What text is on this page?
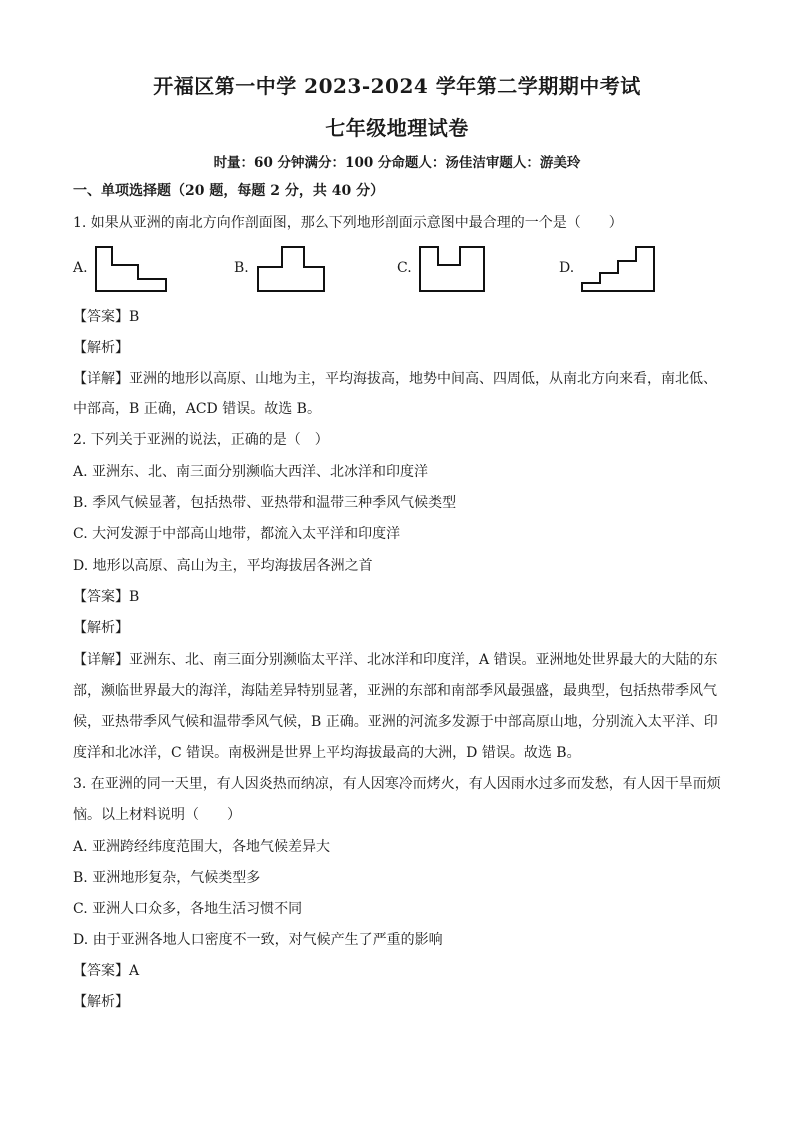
开福区第一中学 2023-2024 学年第二学期期中考试
七年级地理试卷
时量：60 分钟满分：100 分命题人：汤佳洁审题人：游美玲
一、单项选择题（20 题，每题 2 分，共 40 分）
1. 如果从亚洲的南北方向作剖面图，那么下列地形剖面示意图中最合理的一个是（　　）
A.	B.	C.	D.
【答案】B
【解析】
【详解】亚洲的地形以高原、山地为主，平均海拔高，地势中间高、四周低，从南北方向来看，南北低、
中部高，B 正确，ACD 错误。故选 B。
2. 下列关于亚洲的说法，正确的是（　）
A. 亚洲东、北、南三面分别濒临大西洋、北冰洋和印度洋
B. 季风气候显著，包括热带、亚热带和温带三种季风气候类型
C. 大河发源于中部高山地带，都流入太平洋和印度洋
D. 地形以高原、高山为主，平均海拔居各洲之首
【答案】B
【解析】
【详解】亚洲东、北、南三面分别濒临太平洋、北冰洋和印度洋，A 错误。亚洲地处世界最大的大陆的东
部，濒临世界最大的海洋，海陆差异特别显著，亚洲的东部和南部季风最强盛，最典型，包括热带季风气
候，亚热带季风气候和温带季风气候，B 正确。亚洲的河流多发源于中部高原山地，分别流入太平洋、印
度洋和北冰洋，C 错误。南极洲是世界上平均海拔最高的大洲，D 错误。故选 B。
3. 在亚洲的同一天里，有人因炎热而纳凉，有人因寒冷而烤火，有人因雨水过多而发愁，有人因干旱而烦
恼。以上材料说明（　　）
A. 亚洲跨经纬度范围大，各地气候差异大
B. 亚洲地形复杂，气候类型多
C. 亚洲人口众多，各地生活习惯不同
D. 由于亚洲各地人口密度不一致，对气候产生了严重的影响
【答案】A
【解析】
